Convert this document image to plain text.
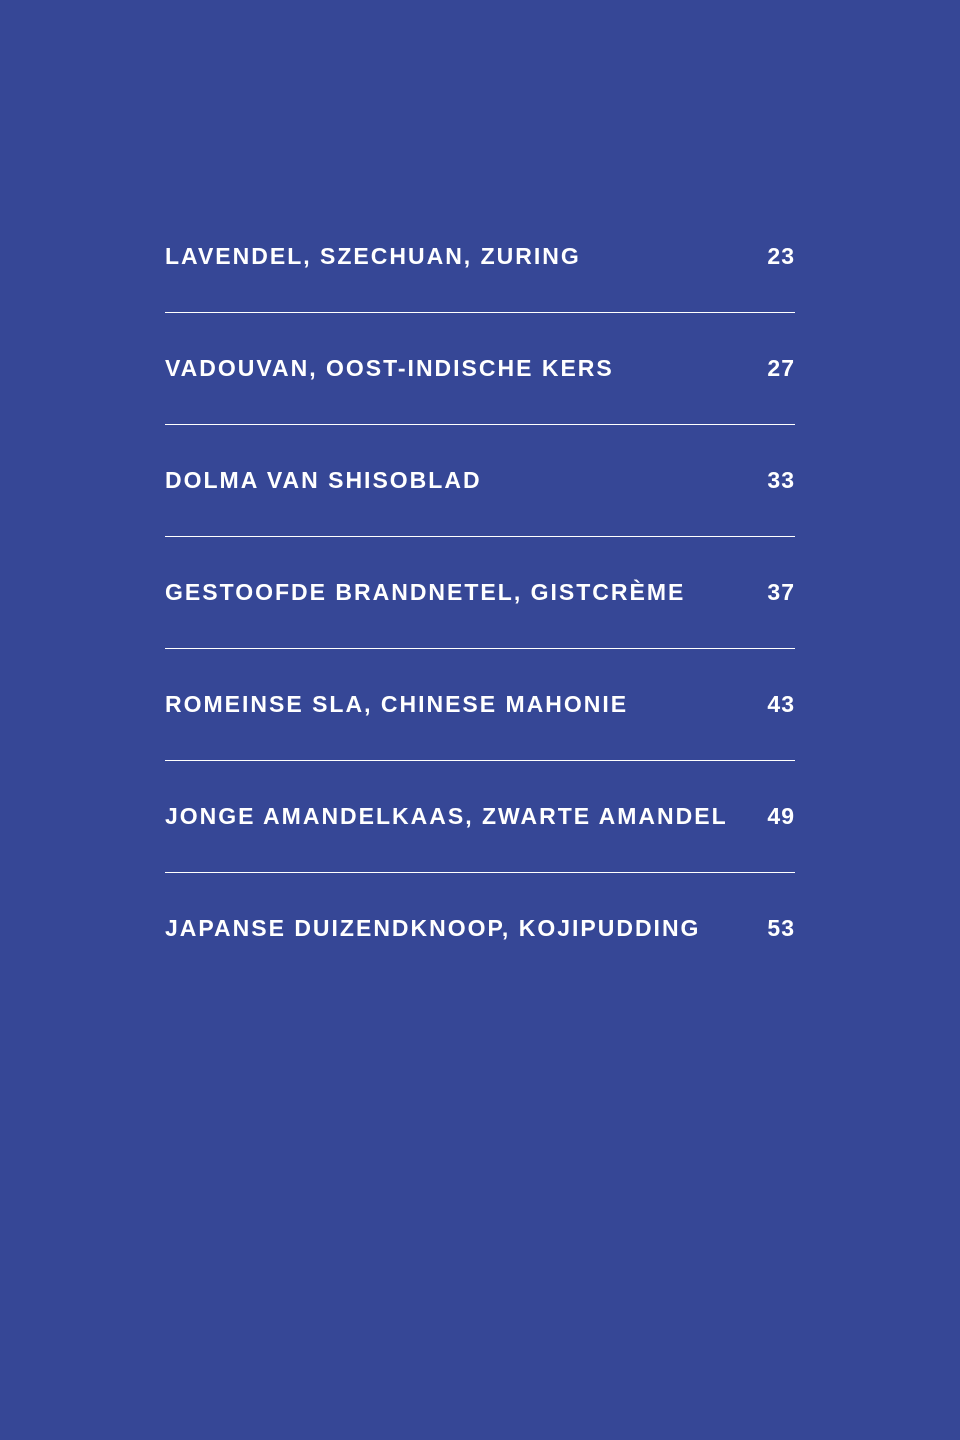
LAVENDEL, SZECHUAN, ZURING	23
VADOUVAN, OOST-INDISCHE KERS	27
DOLMA VAN SHISOBLAD	33
GESTOOFDE BRANDNETEL, GISTCRÈME	37
ROMEINSE SLA, CHINESE MAHONIE	43
JONGE AMANDELKAAS, ZWARTE AMANDEL 49
JAPANSE DUIZENDKNOOP, KOJIPUDDING	53
